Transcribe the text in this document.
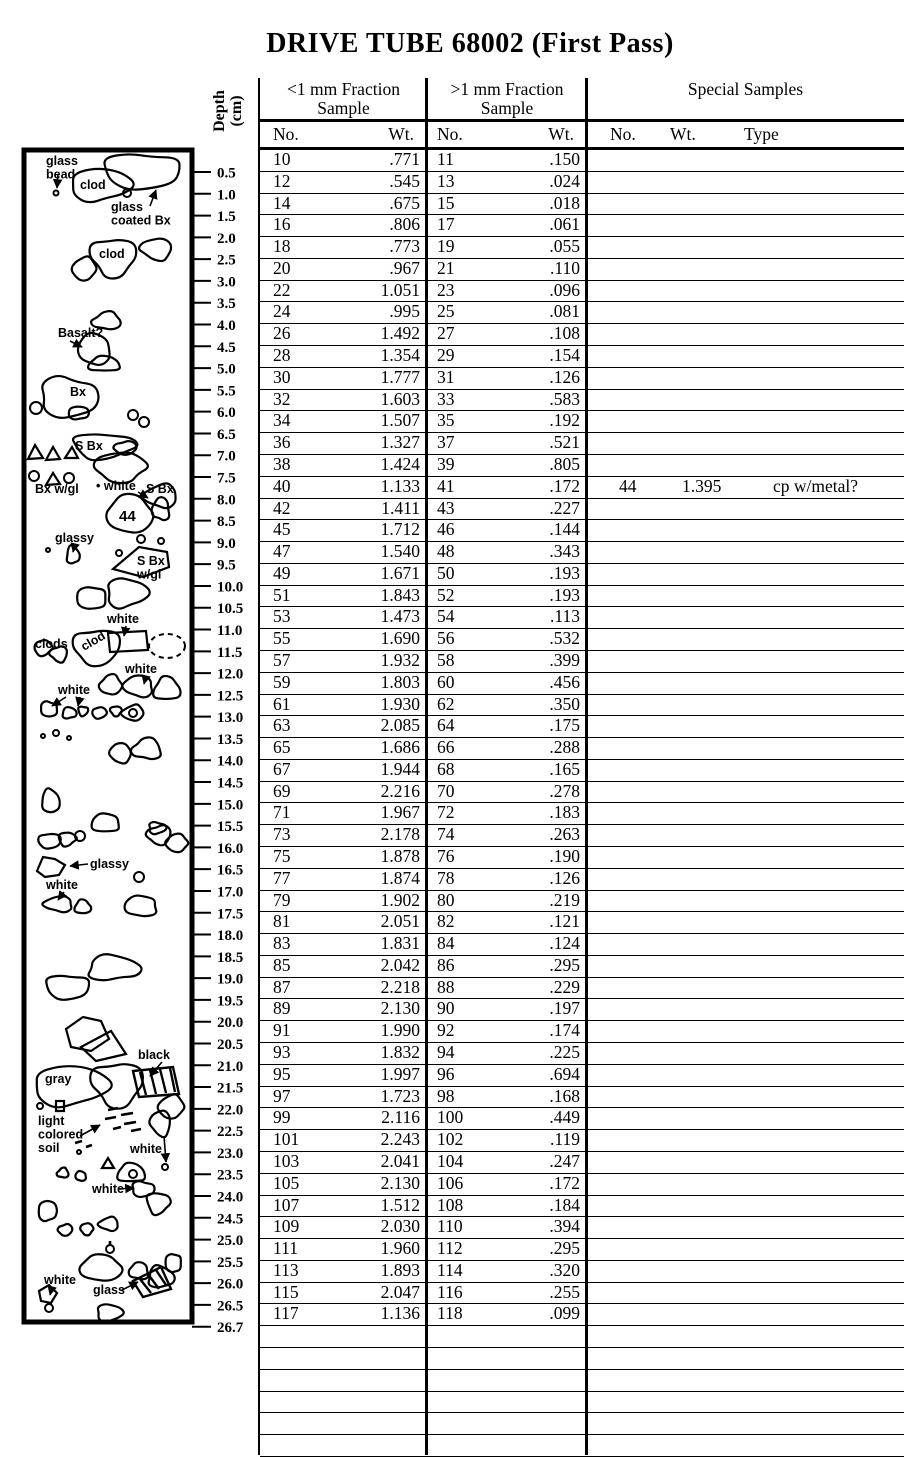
DRIVE TUBE 68002 (First Pass)
Depth (cm)
0.5
1.0
1.5
2.0
2.5
3.0
3.5
4.0
4.5
5.0
5.5
6.0
6.5
7.0
7.5
8.0
8.5
9.0
9.5
10.0
10.5
11.0
11.5
12.0
12.5
13.0
13.5
14.0
14.5
15.0
15.5
16.0
16.5
17.0
17.5
18.0
18.5
19.0
19.5
20.0
20.5
21.0
21.5
22.0
22.5
23.0
23.5
24.0
24.5
25.0
25.5
26.0
26.5
26.7
glass bead
clod
glass coated Bx
clod
Basalt?
Bx
S Bx
Bx w/gl • white S Bx
44
glassy
S Bx w/gl
white
clods clod
white
white
glassy
white
black
gray
light colored soil	white
white
white
glass
<1 mm Fraction
Sample
>1 mm Fraction
Sample
Special Samples
No.	Wt.	No.	Wt.	No.	Wt.	Type
10	.771 11	.150
12	.545 13	.024
14	.675 15	.018
16	.806 17	.061
18	.773 19	.055
20	.967 21	.110
22	1.051 23	.096
24	.995 25	.081
26	1.492 27	.108
28	1.354 29	.154
30	1.777 31	.126
32	1.603 33	.583
34	1.507 35	.192
36	1.327 37	.521
38	1.424 39	.805
40	1.133 41	.172	44	1.395	cp w/metal?
42	1.411 43	.227
45	1.712 46	.144
47	1.540 48	.343
49	1.671 50	.193
51	1.843 52	.193
53	1.473 54	.113
55	1.690 56	.532
57	1.932 58	.399
59	1.803 60	.456
61	1.930 62	.350
63	2.085 64	.175
65	1.686 66	.288
67	1.944 68	.165
69	2.216 70	.278
71	1.967 72	.183
73	2.178 74	.263
75	1.878 76	.190
77	1.874 78	.126
79	1.902 80	.219
81	2.051 82	.121
83	1.831 84	.124
85	2.042 86	.295
87	2.218 88	.229
89	2.130 90	.197
91	1.990 92	.174
93	1.832 94	.225
95	1.997 96	.694
97	1.723 98	.168
99	2.116 100	.449
101	2.243 102	.119
103	2.041 104	.247
105	2.130 106	.172
107	1.512 108	.184
109	2.030 110	.394
111	1.960 112	.295
113	1.893 114	.320
115	2.047 116	.255
117	1.136 118	.099
